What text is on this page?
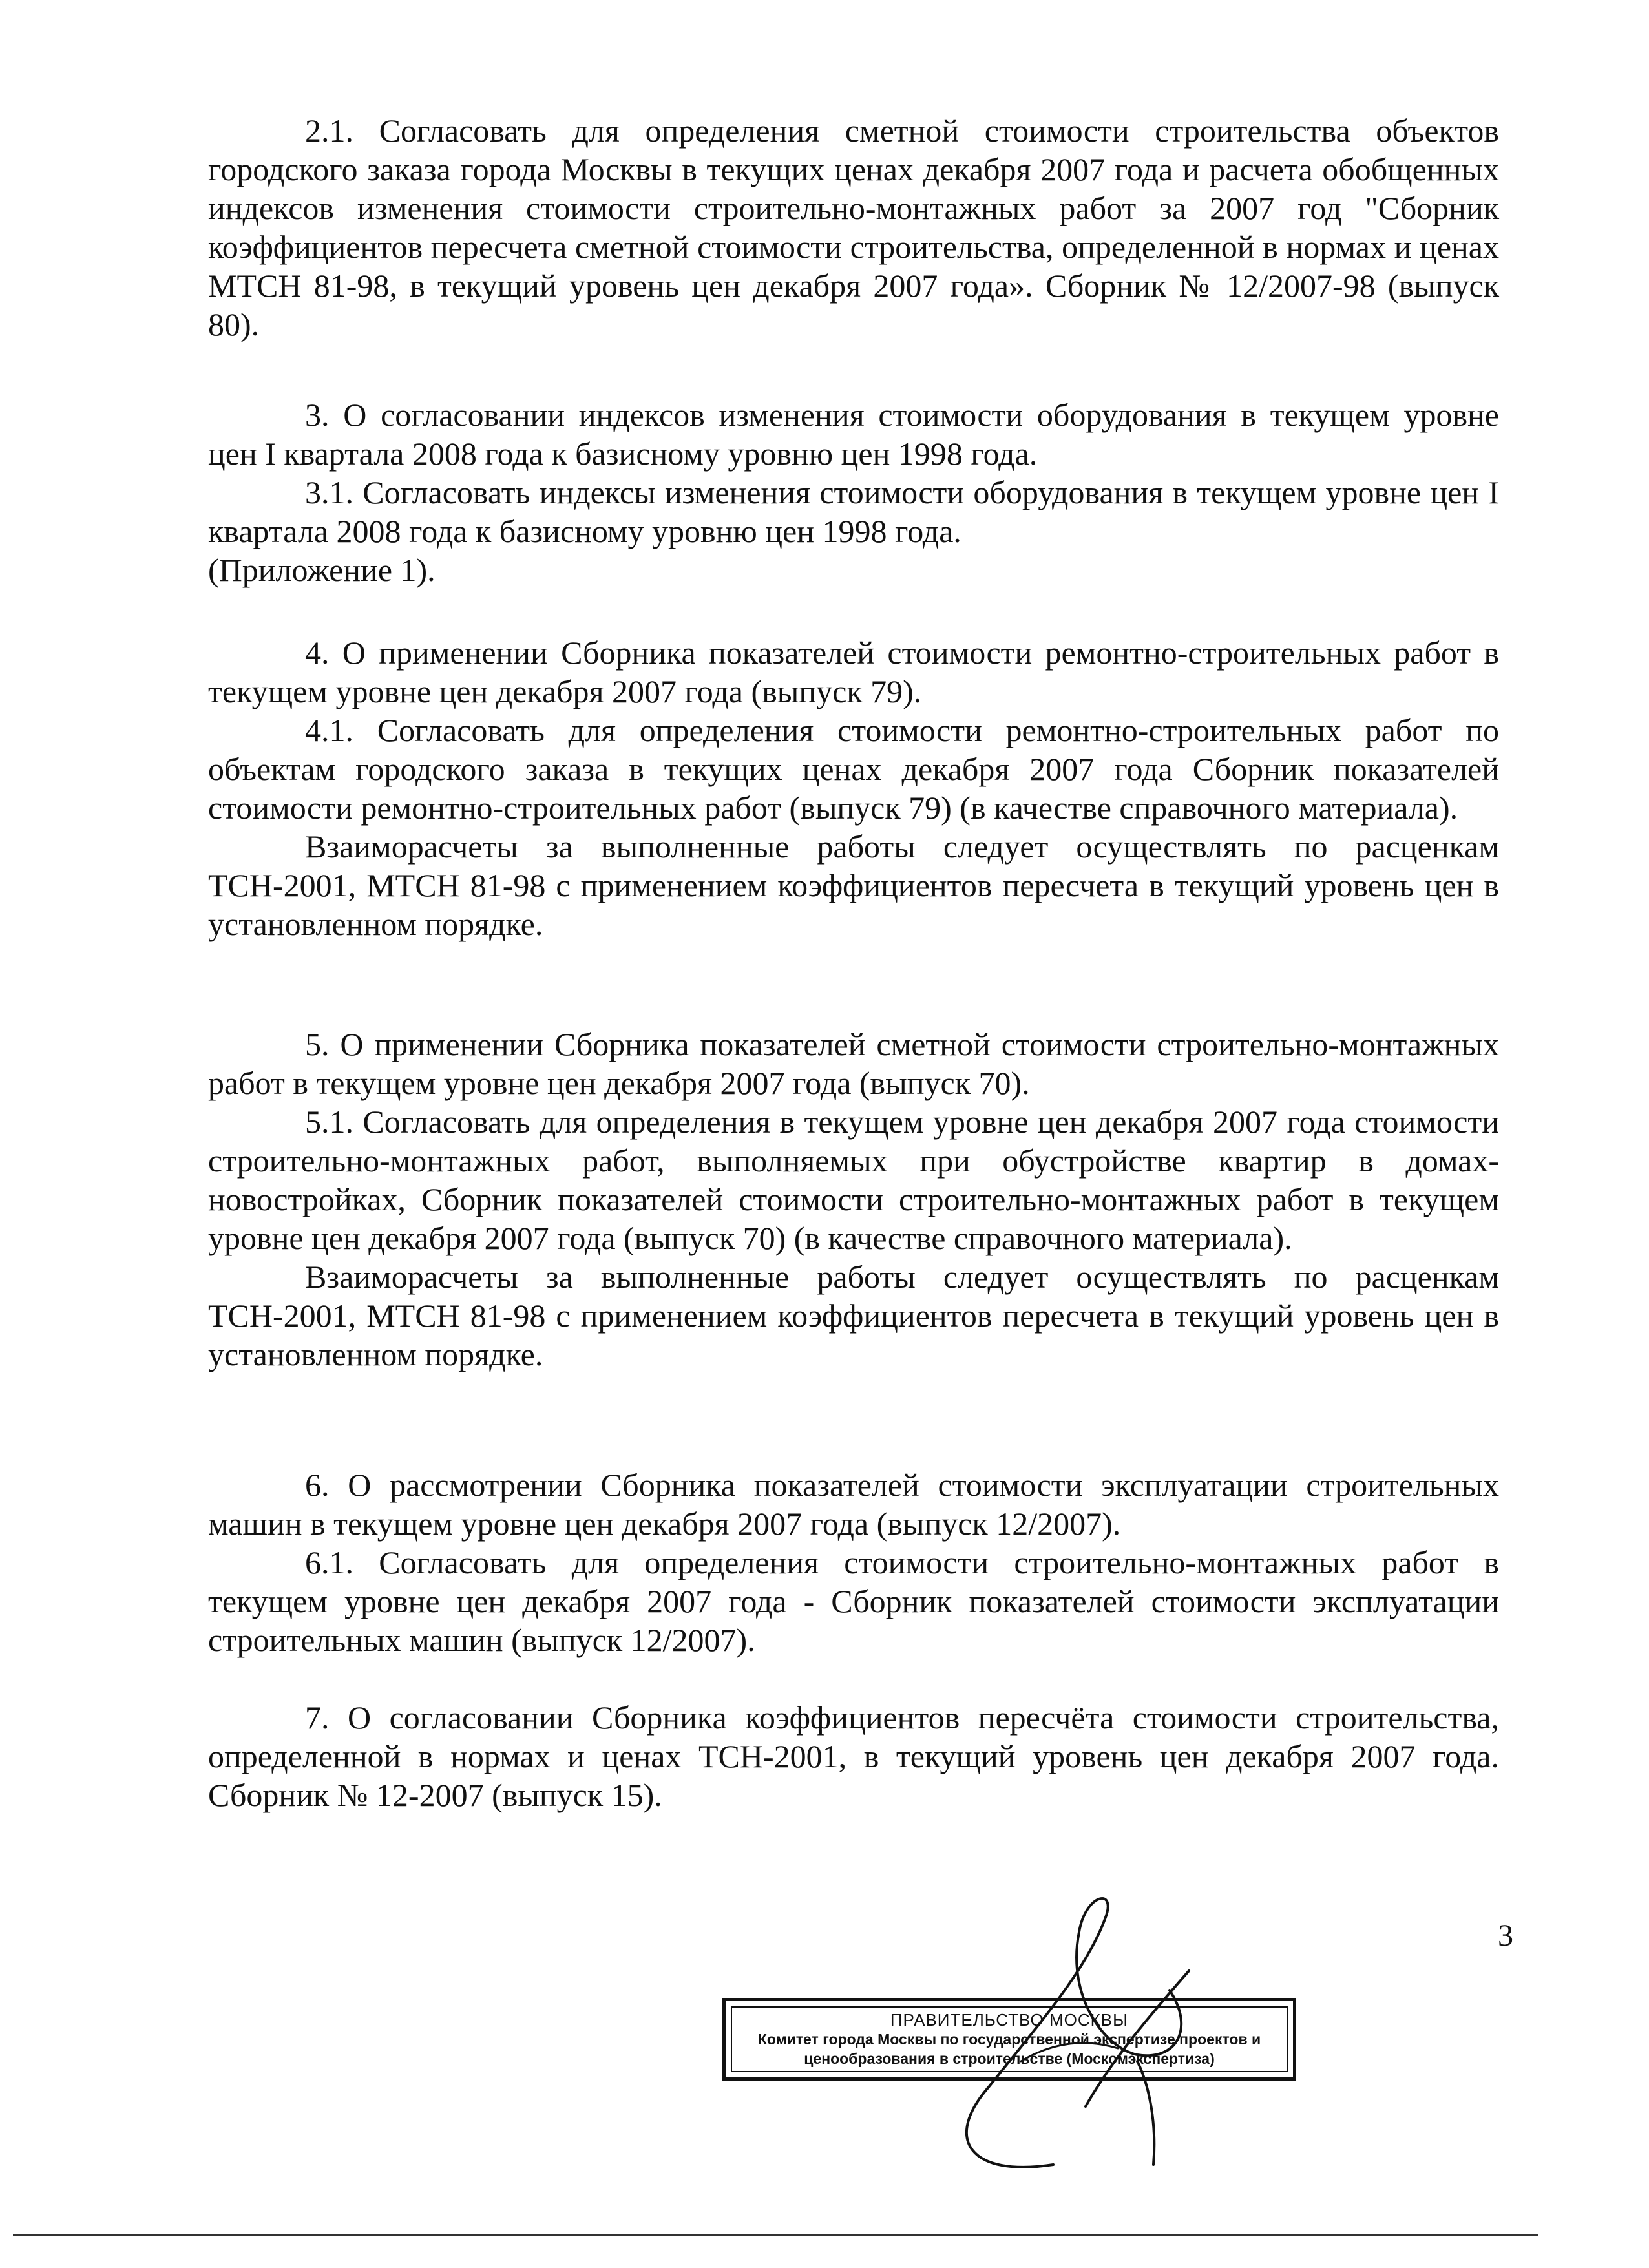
2.1. Согласовать для определения сметной стоимости строительства объектов городского заказа города Москвы в текущих ценах декабря 2007 года и расчета обобщенных индексов изменения стоимости строительно-монтажных работ за 2007 год "Сборник коэффициентов пересчета сметной стоимости строительства, определенной в нормах и ценах МТСН 81-98, в текущий уровень цен декабря 2007 года». Сборник № 12/2007-98 (выпуск 80).

3. О согласовании индексов изменения стоимости оборудования в текущем уровне цен I квартала 2008 года к базисному уровню цен 1998 года.

3.1. Согласовать индексы изменения стоимости оборудования в текущем уровне цен I квартала 2008 года к базисному уровню цен 1998 года.

(Приложение 1).

4. О применении Сборника показателей стоимости ремонтно-строительных работ в текущем уровне цен декабря 2007 года (выпуск 79).

4.1. Согласовать для определения стоимости ремонтно-строительных работ по объектам городского заказа в текущих ценах декабря 2007 года Сборник показателей стоимости ремонтно-строительных работ (выпуск 79) (в качестве справочного материала).

Взаиморасчеты за выполненные работы следует осуществлять по расценкам ТСН-2001, МТСН 81-98 с применением коэффициентов пересчета в текущий уровень цен в установленном порядке.

5. О применении Сборника показателей сметной стоимости строительно-монтажных работ в текущем уровне цен декабря 2007 года (выпуск 70).

5.1. Согласовать для определения в текущем уровне цен декабря 2007 года стоимости строительно-монтажных работ, выполняемых при обустройстве квартир в домах-новостройках, Сборник показателей стоимости строительно-монтажных работ в текущем уровне цен декабря 2007 года (выпуск 70) (в качестве справочного материала).

Взаиморасчеты за выполненные работы следует осуществлять по расценкам ТСН-2001, МТСН 81-98 с применением коэффициентов пересчета в текущий уровень цен в установленном порядке.

6. О рассмотрении Сборника показателей стоимости эксплуатации строительных машин в текущем уровне цен декабря 2007 года (выпуск 12/2007).

6.1. Согласовать для определения стоимости строительно-монтажных работ в текущем уровне цен декабря 2007 года - Сборник показателей стоимости эксплуатации строительных машин (выпуск 12/2007).

7. О согласовании Сборника коэффициентов пересчёта стоимости строительства, определенной в нормах и ценах ТСН-2001, в текущий уровень цен декабря 2007 года. Сборник № 12-2007 (выпуск 15).

3
ПРАВИТЕЛЬСТВО МОСКВЫ
Комитет города Москвы по государственной экспертизе проектов и
ценообразования в строительстве (Москомэкспертиза)
